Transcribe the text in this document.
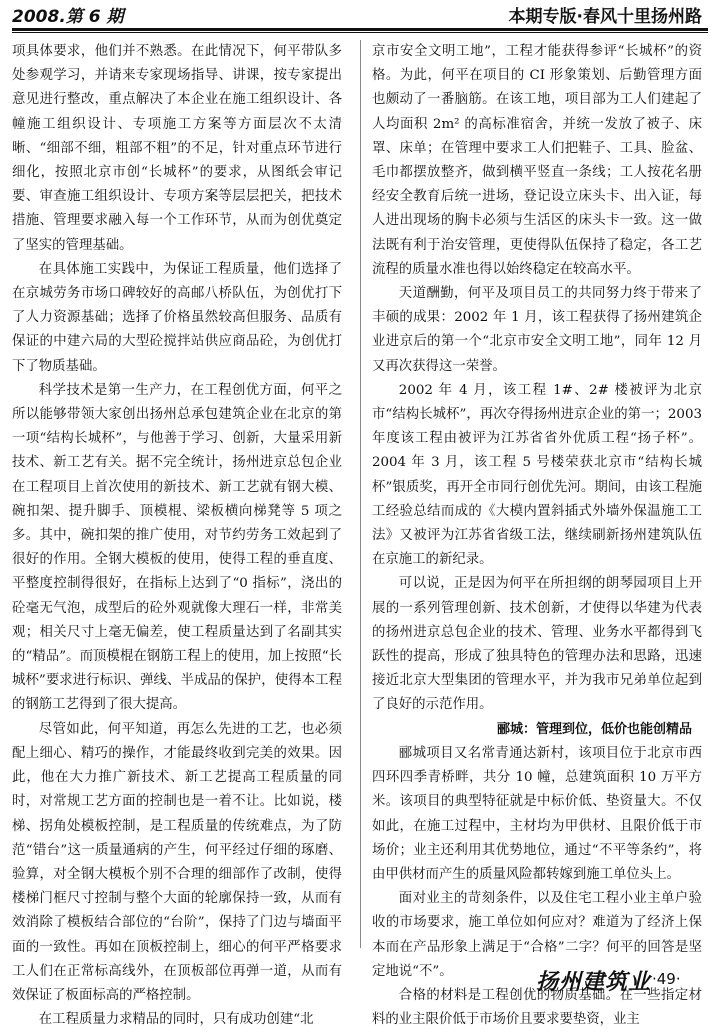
2008.第 6 期	本期专版·春风十里扬州路

项具体要求，他们并不熟悉。在此情况下，何平带队多处参观学习，并请来专家现场指导、讲课，按专家提出意见进行整改，重点解决了本企业在施工组织设计、各幢施工组织设计、专项施工方案等方面层次不太清晰、“细部不细，粗部不粗”的不足，针对重点环节进行细化，按照北京市创“长城杯”的要求，从图纸会审记要、审查施工组织设计、专项方案等层层把关，把技术措施、管理要求融入每一个工作环节，从而为创优奠定了坚实的管理基础。

在具体施工实践中，为保证工程质量，他们选择了在京城劳务市场口碑较好的高邮八桥队伍，为创优打下了人力资源基础；选择了价格虽然较高但服务、品质有保证的中建六局的大型砼搅拌站供应商品砼，为创优打下了物质基础。

科学技术是第一生产力，在工程创优方面，何平之所以能够带领大家创出扬州总承包建筑企业在北京的第一项“结构长城杯”，与他善于学习、创新，大量采用新技术、新工艺有关。据不完全统计，扬州进京总包企业在工程项目上首次使用的新技术、新工艺就有钢大模、碗扣架、提升脚手、顶模棍、梁板横向梯凳等 5 项之多。其中，碗扣架的推广使用，对节约劳务工效起到了很好的作用。全钢大模板的使用，使得工程的垂直度、平整度控制得很好，在指标上达到了“0 指标”，浇出的砼毫无气泡，成型后的砼外观就像大理石一样，非常美观；相关尺寸上毫无偏差，使工程质量达到了名副其实的“精品”。而顶模棍在钢筋工程上的使用，加上按照“长城杯”要求进行标识、弹线、半成品的保护，使得本工程的钢筋工艺得到了很大提高。

尽管如此，何平知道，再怎么先进的工艺，也必须配上细心、精巧的操作，才能最终收到完美的效果。因此，他在大力推广新技术、新工艺提高工程质量的同时，对常规工艺方面的控制也是一着不让。比如说，楼梯、拐角处模板控制，是工程质量的传统难点，为了防范“错台”这一质量通病的产生，何平经过仔细的琢磨、验算，对全钢大模板个别不合理的细部作了改制，使得楼梯门框尺寸控制与整个大面的轮廓保持一致，从而有效消除了模板结合部位的“台阶”，保持了门边与墙面平面的一致性。再如在顶板控制上，细心的何平严格要求工人们在正常标高线外，在顶板部位再弹一道，从而有效保证了板面标高的严格控制。

在工程质量力求精品的同时，只有成功创建“北

京市安全文明工地”，工程才能获得参评“长城杯”的资格。为此，何平在项目的 CI 形象策划、后勤管理方面也颇动了一番脑筋。在该工地，项目部为工人们建起了人均面积 2m² 的高标准宿舍，并统一发放了被子、床罩、床单；在管理中要求工人们把鞋子、工具、脸盆、毛巾都摆放整齐，做到横平竖直一条线；工人按花名册经安全教育后统一进场，登记设立床头卡、出入证，每人进出现场的胸卡必须与生活区的床头卡一致。这一做法既有利于治安管理，更使得队伍保持了稳定，各工艺流程的质量水准也得以始终稳定在较高水平。

天道酬勤，何平及项目员工的共同努力终于带来了丰硕的成果：2002 年 1 月，该工程获得了扬州建筑企业进京后的第一个“北京市安全文明工地”，同年 12 月又再次获得这一荣誉。

2002 年 4 月，该工程 1#、2# 楼被评为北京市“结构长城杯”，再次夺得扬州进京企业的第一；2003 年度该工程由被评为江苏省省外优质工程“扬子杯”。2004 年 3 月，该工程 5 号楼荣获北京市“结构长城杯”银质奖，再开全市同行创优先河。期间，由该工程施工经验总结而成的《大模内置斜插式外墙外保温施工工法》又被评为江苏省省级工法，继续刷新扬州建筑队伍在京施工的新纪录。

可以说，正是因为何平在所担纲的朗琴园项目上开展的一系列管理创新、技术创新，才使得以华建为代表的扬州进京总包企业的技术、管理、业务水平都得到飞跃性的提高，形成了独具特色的管理办法和思路，迅速接近北京大型集团的管理水平，并为我市兄弟单位起到了良好的示范作用。

郦城：管理到位，低价也能创精品

郦城项目又名常青通达新村，该项目位于北京市西四环四季青桥畔，共分 10 幢，总建筑面积 10 万平方米。该项目的典型特征就是中标价低、垫资量大。不仅如此，在施工过程中，主材均为甲供材、且限价低于市场价；业主还利用其优势地位，通过“不平等条约”，将由甲供材而产生的质量风险都转嫁到施工单位头上。

面对业主的苛刻条件，以及住宅工程小业主单户验收的市场要求，施工单位如何应对？难道为了经济上保本而在产品形象上满足于“合格”二字？何平的回答是坚定地说“不”。

合格的材料是工程创优的物质基础。在一些指定材料的业主限价低于市场价且要求要垫资，业主

扬州建筑业 ·49·
